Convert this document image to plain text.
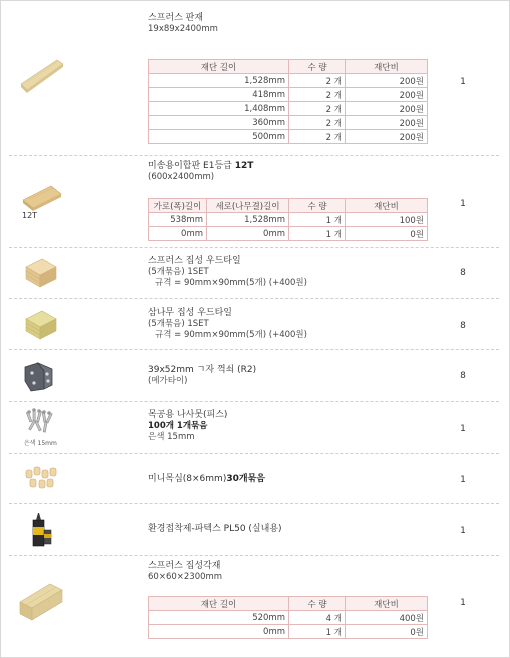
스프러스 판재
19x89x2400mm
재단 길이	수 량	재단비
1,528mm	2 개	200원
418mm	2 개	200원
1,408mm	2 개	200원
360mm	2 개	200원
500mm	2 개	200원
1
12T
미송용이합판 E1등급 12T
(600x2400mm)
가로(폭)길이	세로(나무결)길이	수 량	재단비
538mm	1,528mm	1 개	100원
0mm	0mm	1 개	0원
1
스프러스 집성 우드타일
(5개묶음) 1SET
규격 = 90mm×90mm(5개) (+400원)
8
삼나무 집성 우드타일
(5개묶음) 1SET
규격 = 90mm×90mm(5개) (+400원)
8
39x52mm ㄱ자 꺽쇠 (R2)
(메가타이)	8
은색 15mm
목공용 나사못(피스)
100개 1개묶음
은색 15mm
1
미니목심(8×6mm)30개묶음	1
환경접착제-파텍스 PL50 (실내용)	1
스프러스 집성각재
60×60×2300mm
재단 길이	수 량	재단비
520mm	4 개	400원
0mm	1 개	0원
1
